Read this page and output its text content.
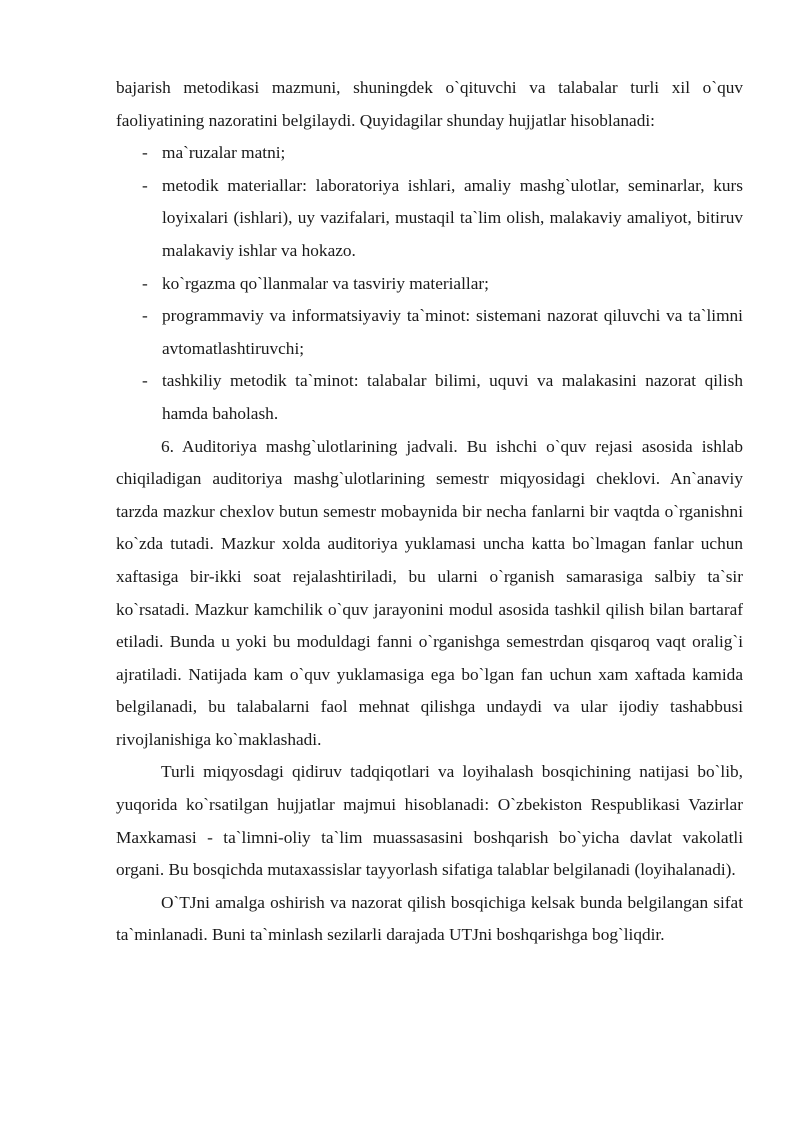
bajarish metodikasi mazmuni, shuningdek o`qituvchi va talabalar turli xil o`quv faoliyatining nazoratini belgilaydi. Quyidagilar shunday hujjatlar hisoblanadi:

- ma`ruzalar matni;
- metodik materiallar: laboratoriya ishlari, amaliy mashg`ulotlar, seminarlar, kurs loyixalari (ishlari), uy vazifalari, mustaqil ta`lim olish, malakaviy amaliyot, bitiruv malakaviy ishlar va hokazo.
- ko`rgazma qo`llanmalar va tasviriy materiallar;
- programmaviy va informatsiyaviy ta`minot: sistemani nazorat qiluvchi va ta`limni avtomatlashtiruvchi;
- tashkiliy metodik ta`minot: talabalar bilimi, uquvi va malakasini nazorat qilish hamda baholash.

6. Auditoriya mashg`ulotlarining jadvali. Bu ishchi o`quv rejasi asosida ishlab chiqiladigan auditoriya mashg`ulotlarining semestr miqyosidagi cheklovi. An`anaviy tarzda mazkur chexlov butun semestr mobaynida bir necha fanlarni bir vaqtda o`rganishni ko`zda tutadi. Mazkur xolda auditoriya yuklamasi uncha katta bo`lmagan fanlar uchun xaftasiga bir-ikki soat rejalashtiriladi, bu ularni o`rganish samarasiga salbiy ta`sir ko`rsatadi. Mazkur kamchilik o`quv jarayonini modul asosida tashkil qilish bilan bartaraf etiladi. Bunda u yoki bu moduldagi fanni o`rganishga semestrdan qisqaroq vaqt oralig`i ajratiladi. Natijada kam o`quv yuklamasiga ega bo`lgan fan uchun xam xaftada kamida belgilanadi, bu talabalarni faol mehnat qilishga undaydi va ular ijodiy tashabbusi rivojlanishiga ko`maklashadi.

Turli miqyosdagi qidiruv tadqiqotlari va loyihalash bosqichining natijasi bo`lib, yuqorida ko`rsatilgan hujjatlar majmui hisoblanadi: O`zbekiston Respublikasi Vazirlar Maxkamasi - ta`limni-oliy ta`lim muassasasini boshqarish bo`yicha davlat vakolatli organi. Bu bosqichda mutaxassislar tayyorlash sifatiga talablar belgilanadi (loyihalanadi).

O`TJni amalga oshirish va nazorat qilish bosqichiga kelsak bunda belgilangan sifat ta`minlanadi. Buni ta`minlash sezilarli darajada UTJni boshqarishga bog`liqdir.
